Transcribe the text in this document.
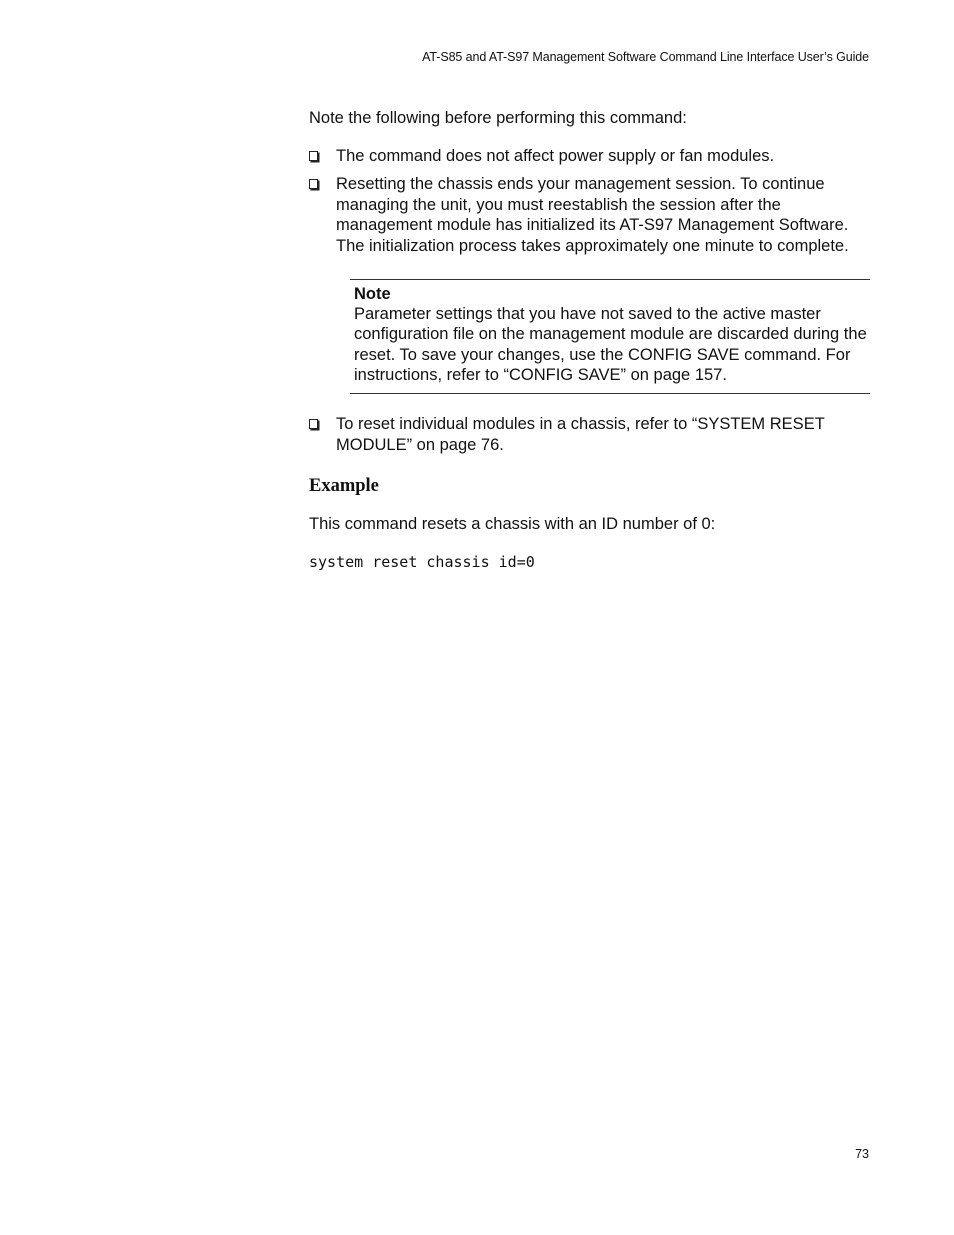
AT-S85 and AT-S97 Management Software Command Line Interface User’s Guide
Note the following before performing this command:
The command does not affect power supply or fan modules.
Resetting the chassis ends your management session. To continue managing the unit, you must reestablish the session after the management module has initialized its AT-S97 Management Software. The initialization process takes approximately one minute to complete.
Note
Parameter settings that you have not saved to the active master configuration file on the management module are discarded during the reset. To save your changes, use the CONFIG SAVE command. For instructions, refer to “CONFIG SAVE” on page 157.
To reset individual modules in a chassis, refer to “SYSTEM RESET MODULE” on page 76.
Example
This command resets a chassis with an ID number of 0:
system reset chassis id=0
73
